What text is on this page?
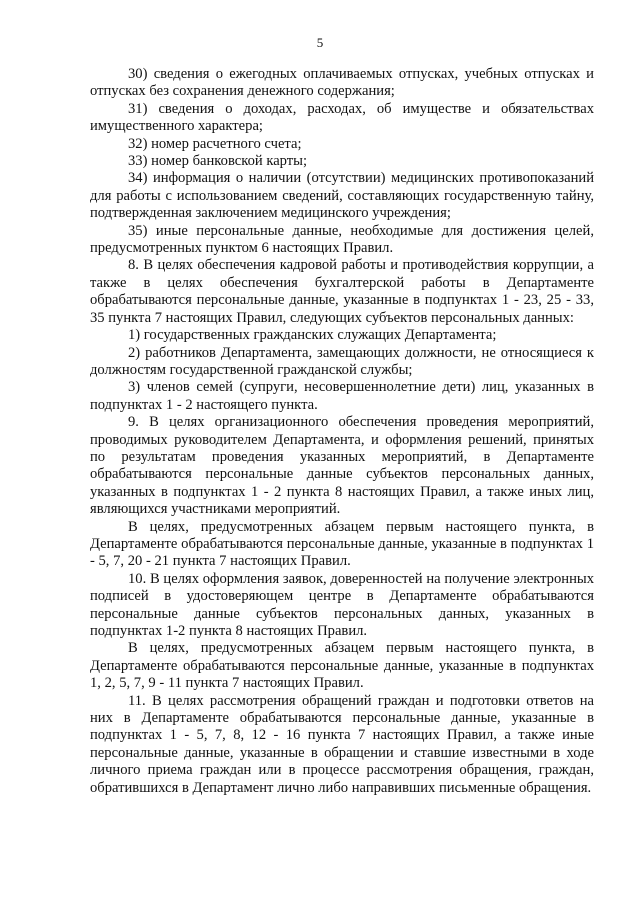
5

30) сведения о ежегодных оплачиваемых отпусках, учебных отпусках и отпусках без сохранения денежного содержания;

31) сведения о доходах, расходах, об имуществе и обязательствах имущественного характера;

32) номер расчетного счета;

33) номер банковской карты;

34) информация о наличии (отсутствии) медицинских противопоказаний для работы с использованием сведений, составляющих государственную тайну, подтвержденная заключением медицинского учреждения;

35) иные персональные данные, необходимые для достижения целей, предусмотренных пунктом 6 настоящих Правил.

8. В целях обеспечения кадровой работы и противодействия коррупции, а также в целях обеспечения бухгалтерской работы в Департаменте обрабатываются персональные данные, указанные в подпунктах 1 - 23, 25 - 33, 35 пункта 7 настоящих Правил, следующих субъектов персональных данных:

1) государственных гражданских служащих Департамента;

2) работников Департамента, замещающих должности, не относящиеся к должностям государственной гражданской службы;

3) членов семей (супруги, несовершеннолетние дети) лиц, указанных в подпунктах 1 - 2 настоящего пункта.

9. В целях организационного обеспечения проведения мероприятий, проводимых руководителем Департамента, и оформления решений, принятых по результатам проведения указанных мероприятий, в Департаменте обрабатываются персональные данные субъектов персональных данных, указанных в подпунктах 1 - 2 пункта 8 настоящих Правил, а также иных лиц, являющихся участниками мероприятий.

В целях, предусмотренных абзацем первым настоящего пункта, в Департаменте обрабатываются персональные данные, указанные в подпунктах 1 - 5, 7, 20 - 21 пункта 7 настоящих Правил.

10. В целях оформления заявок, доверенностей на получение электронных подписей в удостоверяющем центре в Департаменте обрабатываются персональные данные субъектов персональных данных, указанных в подпунктах 1-2 пункта 8 настоящих Правил.

В целях, предусмотренных абзацем первым настоящего пункта, в Департаменте обрабатываются персональные данные, указанные в подпунктах 1, 2, 5, 7, 9 - 11 пункта 7 настоящих Правил.

11. В целях рассмотрения обращений граждан и подготовки ответов на них в Департаменте обрабатываются персональные данные, указанные в подпунктах 1 - 5, 7, 8, 12 - 16 пункта 7 настоящих Правил, а также иные персональные данные, указанные в обращении и ставшие известными в ходе личного приема граждан или в процессе рассмотрения обращения, граждан, обратившихся в Департамент лично либо направивших письменные обращения.
